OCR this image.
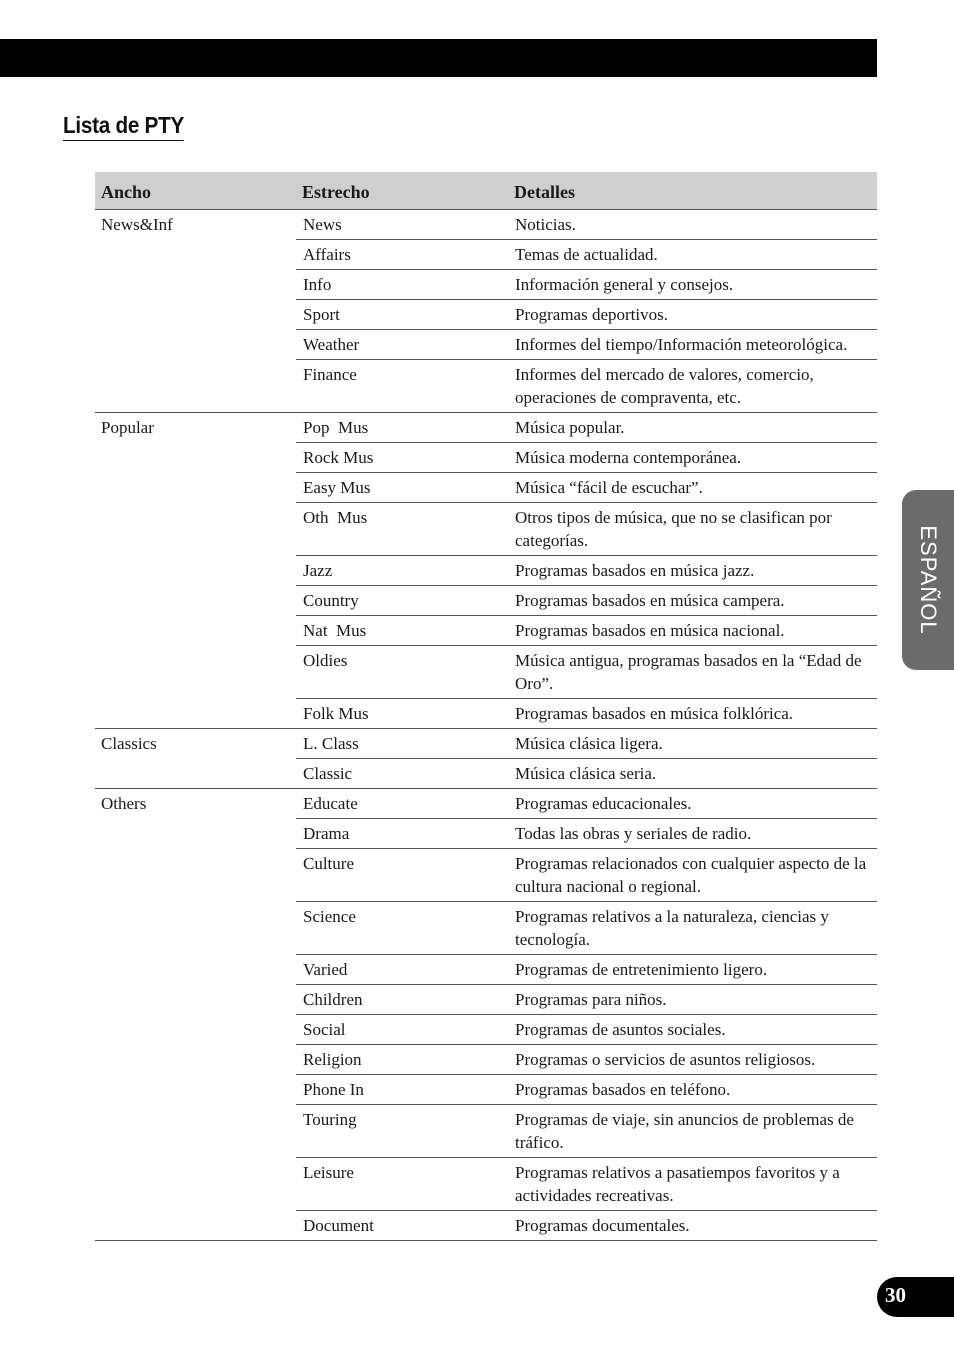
Lista de PTY
Ancho	Estrecho	Detalles
News&Inf	News	Noticias.
	Affairs	Temas de actualidad.
	Info	Información general y consejos.
	Sport	Programas deportivos.
	Weather	Informes del tiempo/Información meteorológica.
	Finance	Informes del mercado de valores, comercio, operaciones de compraventa, etc.
Popular	Pop  Mus	Música popular.
	Rock Mus	Música moderna contemporánea.
	Easy Mus	Música “fácil de escuchar”.
	Oth  Mus	Otros tipos de música, que no se clasifican por categorías.
	Jazz	Programas basados en música jazz.
	Country	Programas basados en música campera.
	Nat  Mus	Programas basados en música nacional.
	Oldies	Música antigua, programas basados en la “Edad de Oro”.
	Folk Mus	Programas basados en música folklórica.
Classics	L. Class	Música clásica ligera.
	Classic	Música clásica seria.
Others	Educate	Programas educacionales.
	Drama	Todas las obras y seriales de radio.
	Culture	Programas relacionados con cualquier aspecto de la cultura nacional o regional.
	Science	Programas relativos a la naturaleza, ciencias y tecnología.
	Varied	Programas de entretenimiento ligero.
	Children	Programas para niños.
	Social	Programas de asuntos sociales.
	Religion	Programas o servicios de asuntos religiosos.
	Phone In	Programas basados en teléfono.
	Touring	Programas de viaje, sin anuncios de problemas de tráfico.
	Leisure	Programas relativos a pasatiempos favoritos y a actividades recreativas.
	Document	Programas documentales.
ESPAÑOL
30
